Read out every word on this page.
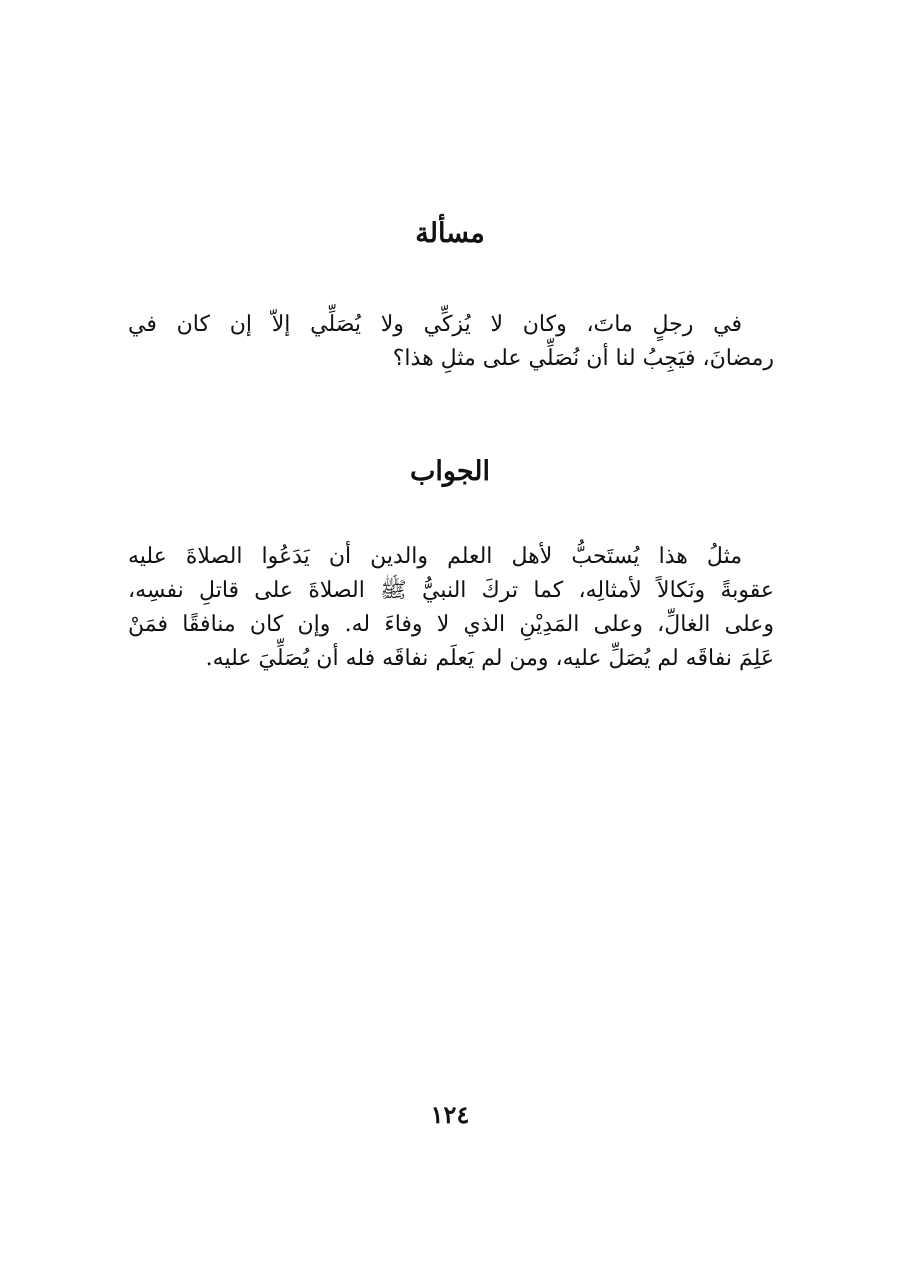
مسألة

في رجلٍ ماتَ، وكان لا يُزكِّي ولا يُصَلِّي إلاّ إن كان في
رمضانَ، فيَجِبُ لنا أن نُصَلِّي على مثلِ هذا؟

الجواب

مثلُ هذا يُستَحبُّ لأهل العلم والدين أن يَدَعُوا الصلاةَ عليه
عقوبةً ونَكالاً لأمثالِه، كما تركَ النبيُّ ﷺ الصلاةَ على قاتلِ نفسِه،
وعلى الغالِّ، وعلى المَدِيْنِ الذي لا وفاءَ له. وإن كان منافقًا فمَنْ
عَلِمَ نفاقَه لم يُصَلِّ عليه، ومن لم يَعلَم نفاقَه فله أن يُصَلِّيَ عليه.

١٢٤
